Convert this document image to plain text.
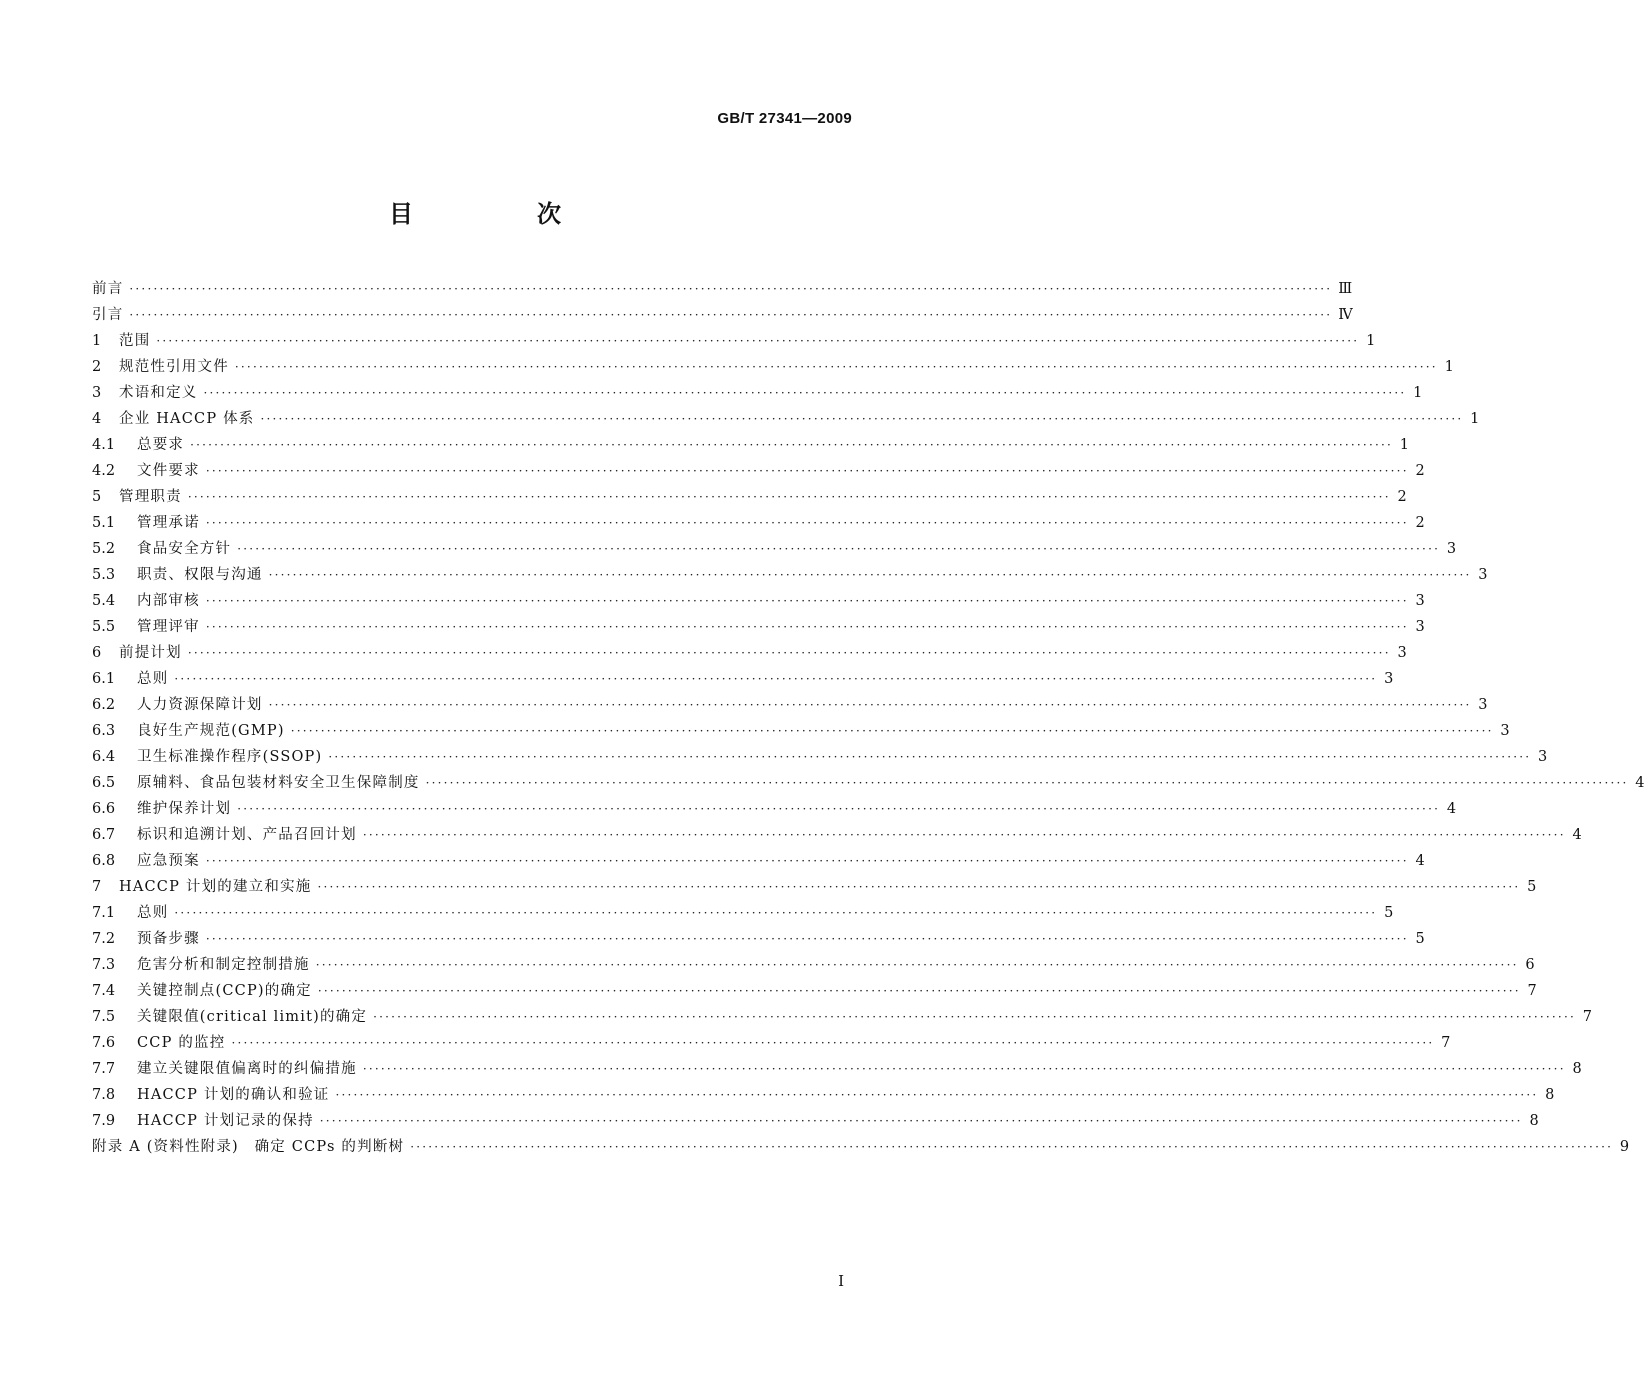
GB/T 27341—2009
目　次
前言 ········································································································································································································ Ⅲ
引言 ········································································································································································································ Ⅳ
1	范围 ········································································································································································································ 1
2	规范性引用文件 ········································································································································································································ 1
3	术语和定义 ········································································································································································································ 1
4	企业 HACCP 体系 ········································································································································································································ 1
4.1	总要求 ········································································································································································································ 1
4.2	文件要求 ········································································································································································································ 2
5	管理职责 ········································································································································································································ 2
5.1	管理承诺 ········································································································································································································ 2
5.2	食品安全方针 ········································································································································································································ 3
5.3	职责、权限与沟通 ········································································································································································································ 3
5.4	内部审核 ········································································································································································································ 3
5.5	管理评审 ········································································································································································································ 3
6	前提计划 ········································································································································································································ 3
6.1	总则 ········································································································································································································ 3
6.2	人力资源保障计划 ········································································································································································································ 3
6.3	良好生产规范(GMP) ········································································································································································································ 3
6.4	卫生标准操作程序(SSOP) ········································································································································································································ 3
6.5	原辅料、食品包装材料安全卫生保障制度 ········································································································································································································ 4
6.6	维护保养计划 ········································································································································································································ 4
6.7	标识和追溯计划、产品召回计划 ········································································································································································································ 4
6.8	应急预案 ········································································································································································································ 4
7	HACCP 计划的建立和实施 ········································································································································································································ 5
7.1	总则 ········································································································································································································ 5
7.2	预备步骤 ········································································································································································································ 5
7.3	危害分析和制定控制措施 ········································································································································································································ 6
7.4	关键控制点(CCP)的确定 ········································································································································································································ 7
7.5	关键限值(critical limit)的确定 ········································································································································································································ 7
7.6	CCP 的监控 ········································································································································································································ 7
7.7	建立关键限值偏离时的纠偏措施 ········································································································································································································ 8
7.8	HACCP 计划的确认和验证 ········································································································································································································ 8
7.9	HACCP 计划记录的保持 ········································································································································································································ 8
附录 A (资料性附录)　确定 CCPs 的判断树 ········································································································································································································ 9
I
